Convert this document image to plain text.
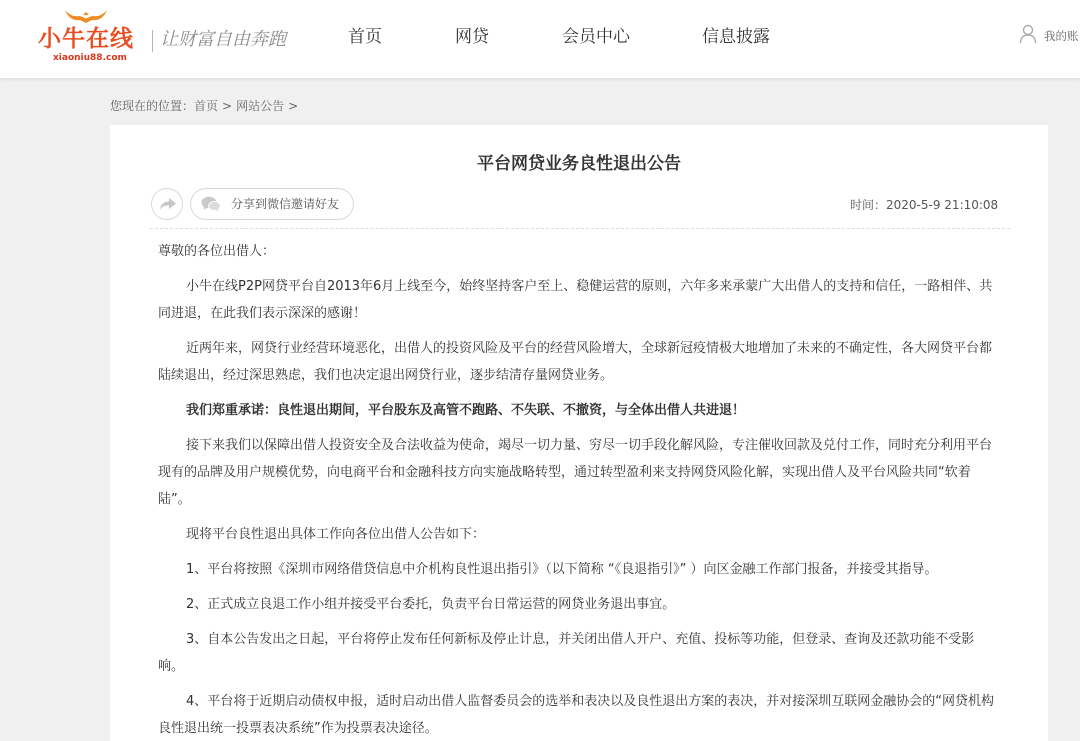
小牛在线
xiaoniu88.com
让财富自由奔跑	首页	网贷	会员中心	信息披露	我的账
您现在的位置：首页 > 网站公告 >
平台网贷业务良性退出公告
分享到微信邀请好友	时间：2020-5-9 21:10:08

尊敬的各位出借人：

小牛在线P2P网贷平台自2013年6月上线至今，始终坚持客户至上、稳健运营的原则，六年多来承蒙广大出借人的支持和信任，一路相伴、共同进退，在此我们表示深深的感谢！

近两年来，网贷行业经营环境恶化，出借人的投资风险及平台的经营风险增大，全球新冠疫情极大地增加了未来的不确定性，各大网贷平台都陆续退出，经过深思熟虑，我们也决定退出网贷行业，逐步结清存量网贷业务。

我们郑重承诺：良性退出期间，平台股东及高管不跑路、不失联、不撤资，与全体出借人共进退！

接下来我们以保障出借人投资安全及合法收益为使命，竭尽一切力量、穷尽一切手段化解风险，专注催收回款及兑付工作，同时充分利用平台现有的品牌及用户规模优势，向电商平台和金融科技方向实施战略转型，通过转型盈利来支持网贷风险化解，实现出借人及平台风险共同“软着陆”。

现将平台良性退出具体工作向各位出借人公告如下：

1、平台将按照《深圳市网络借贷信息中介机构良性退出指引》（以下简称 “《良退指引》” ）向区金融工作部门报备，并接受其指导。

2、正式成立良退工作小组并接受平台委托，负责平台日常运营的网贷业务退出事宜。

3、自本公告发出之日起，平台将停止发布任何新标及停止计息，并关闭出借人开户、充值、投标等功能，但登录、查询及还款功能不受影响。

4、平台将于近期启动债权申报，适时启动出借人监督委员会的选举和表决以及良性退出方案的表决，并对接深圳互联网金融协会的“网贷机构良性退出统一投票表决系统”作为投票表决途径。
